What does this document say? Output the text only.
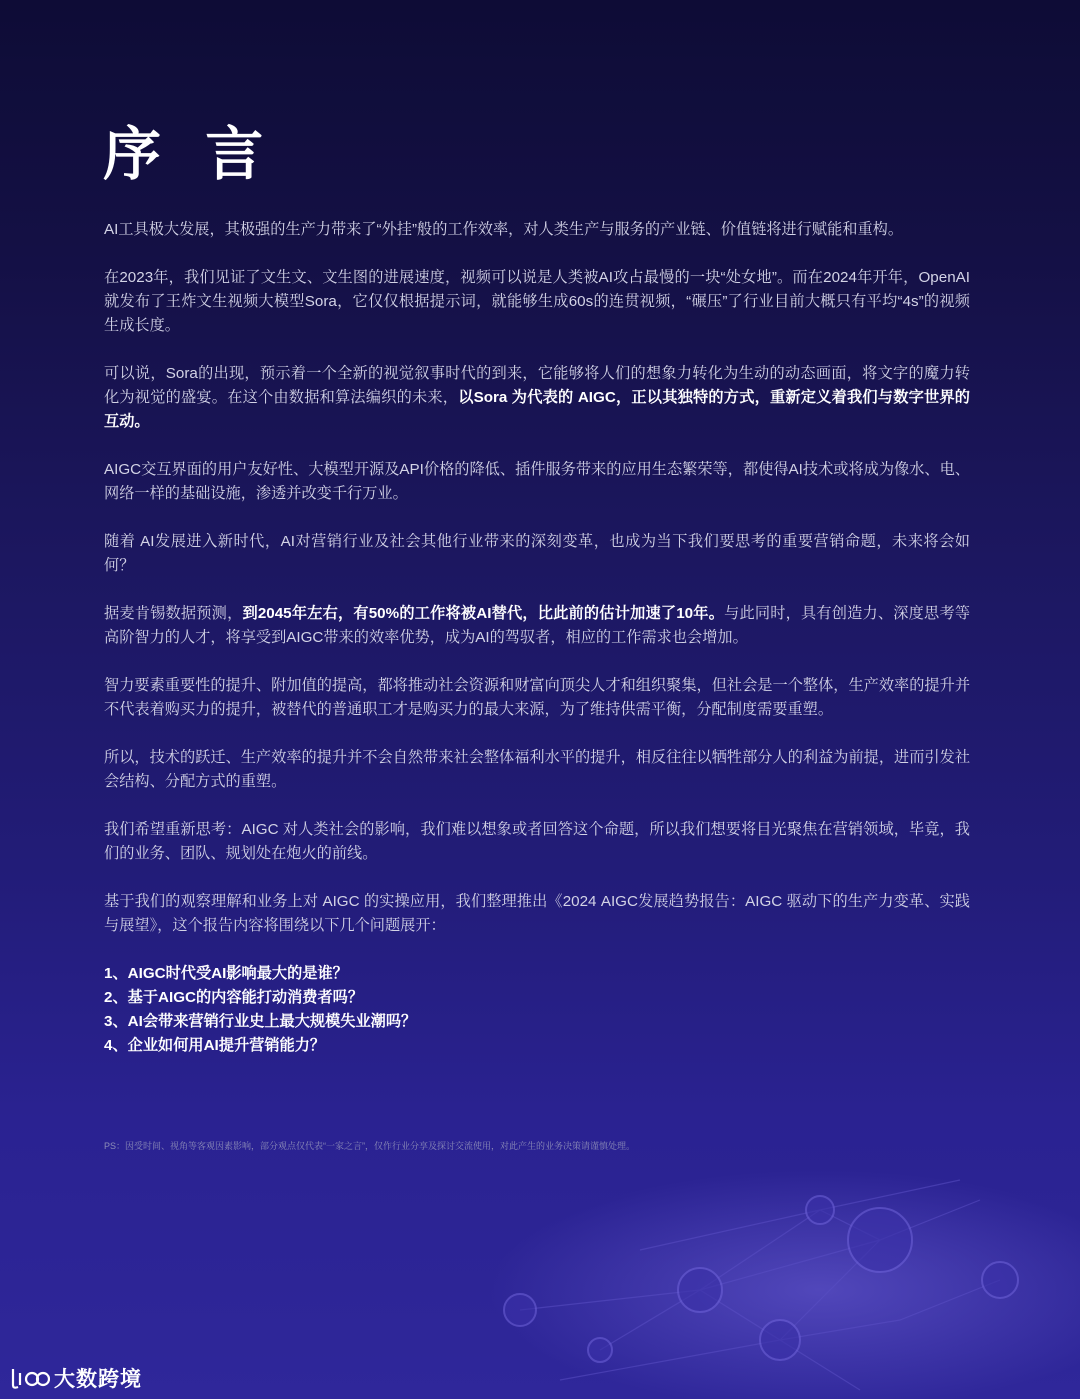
序 言

AI工具极大发展，其极强的生产力带来了“外挂”般的工作效率，对人类生产与服务的产业链、价值链将进行赋能和重构。

在2023年，我们见证了文生文、文生图的进展速度，视频可以说是人类被AI攻占最慢的一块“处女地”。而在2024年开年，OpenAI就发布了王炸文生视频大模型Sora，它仅仅根据提示词，就能够生成60s的连贯视频，“碾压”了行业目前大概只有平均“4s”的视频生成长度。

可以说，Sora的出现，预示着一个全新的视觉叙事时代的到来，它能够将人们的想象力转化为生动的动态画面，将文字的魔力转化为视觉的盛宴。在这个由数据和算法编织的未来，以Sora 为代表的 AIGC，正以其独特的方式，重新定义着我们与数字世界的互动。

AIGC交互界面的用户友好性、大模型开源及API价格的降低、插件服务带来的应用生态繁荣等，都使得AI技术或将成为像水、电、网络一样的基础设施，渗透并改变千行万业。

随着 AI发展进入新时代，AI对营销行业及社会其他行业带来的深刻变革，也成为当下我们要思考的重要营销命题，未来将会如何？

据麦肯锡数据预测，到2045年左右，有50%的工作将被AI替代，比此前的估计加速了10年。与此同时，具有创造力、深度思考等高阶智力的人才，将享受到AIGC带来的效率优势，成为AI的驾驭者，相应的工作需求也会增加。

智力要素重要性的提升、附加值的提高，都将推动社会资源和财富向顶尖人才和组织聚集，但社会是一个整体，生产效率的提升并不代表着购买力的提升，被替代的普通职工才是购买力的最大来源，为了维持供需平衡，分配制度需要重塑。

所以，技术的跃迁、生产效率的提升并不会自然带来社会整体福利水平的提升，相反往往以牺牲部分人的利益为前提，进而引发社会结构、分配方式的重塑。

我们希望重新思考：AIGC 对人类社会的影响，我们难以想象或者回答这个命题，所以我们想要将目光聚焦在营销领域，毕竟，我们的业务、团队、规划处在炮火的前线。

基于我们的观察理解和业务上对 AIGC 的实操应用，我们整理推出《2024 AIGC发展趋势报告：AIGC 驱动下的生产力变革、实践与展望》，这个报告内容将围绕以下几个问题展开：

1、AIGC时代受AI影响最大的是谁？
2、基于AIGC的内容能打动消费者吗？
3、AI会带来营销行业史上最大规模失业潮吗？
4、企业如何用AI提升营销能力？
PS：因受时间、视角等客观因素影响，部分观点仅代表“一家之言”，仅作行业分享及探讨交流使用，对此产生的业务决策请谨慎处理。
大数跨境
